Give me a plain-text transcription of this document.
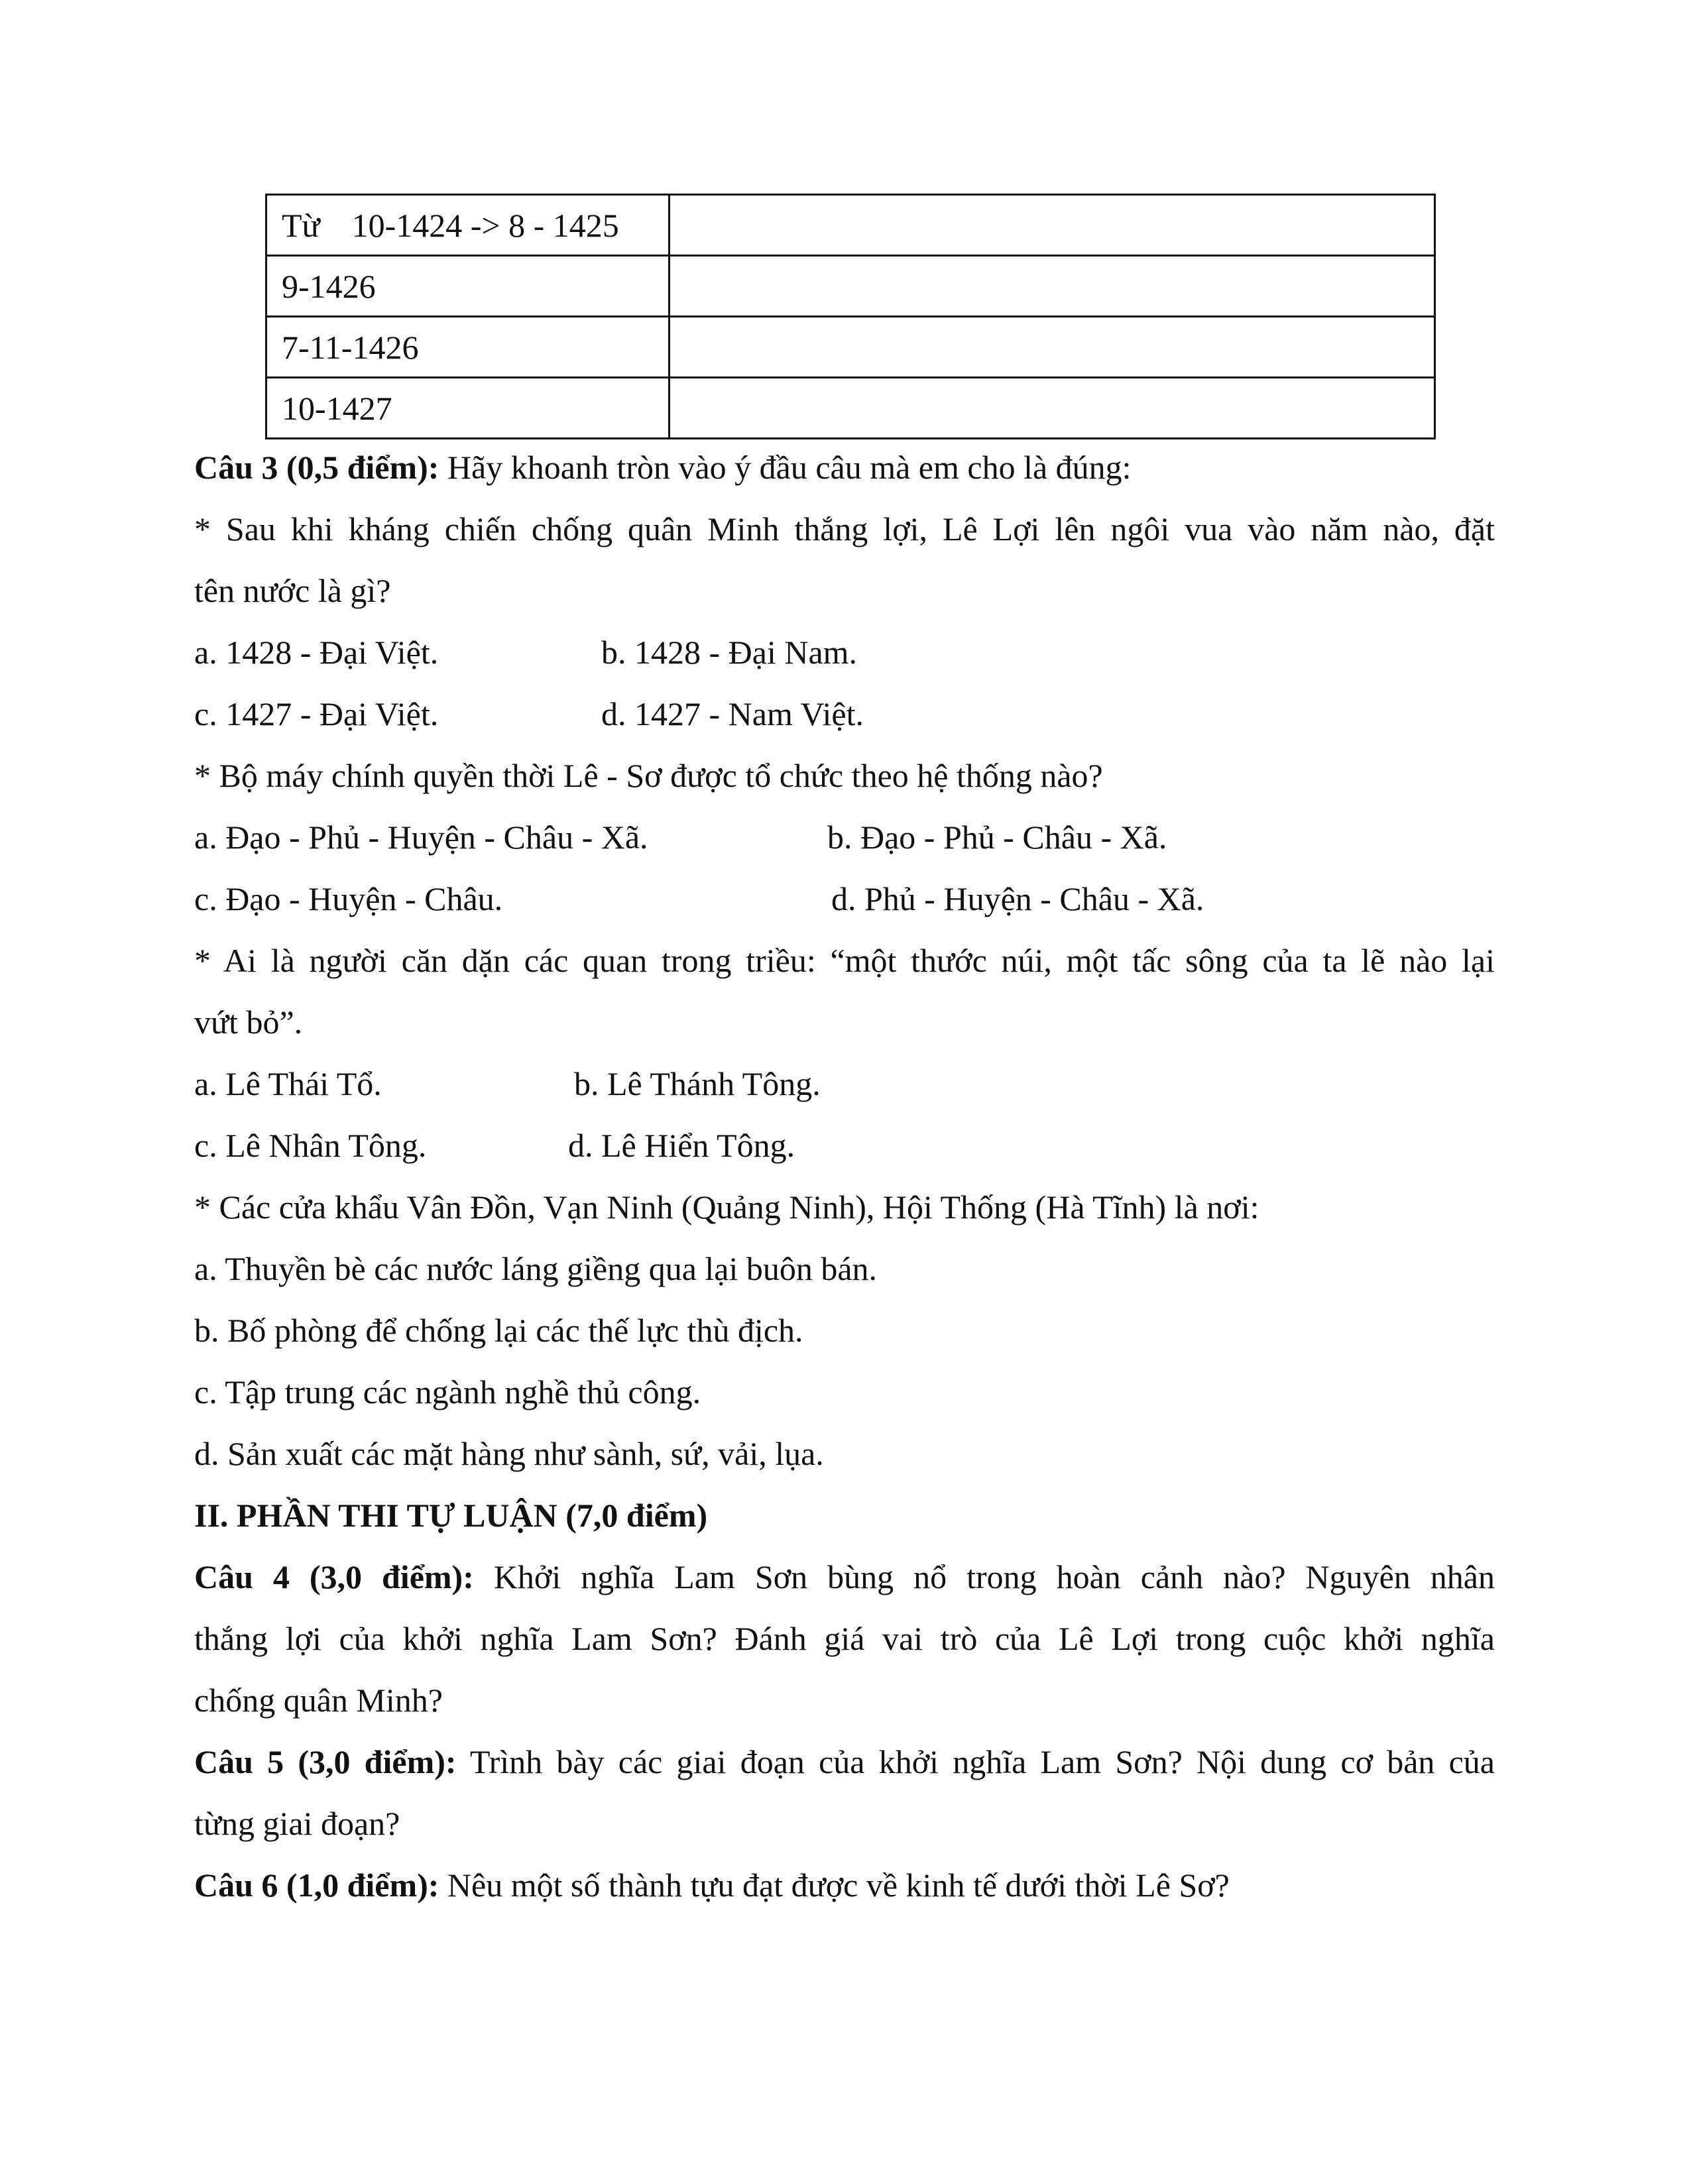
Từ 10-1424 -> 8 - 1425	
9-1426	
7-11-1426	
10-1427	
Câu 3 (0,5 điểm): Hãy khoanh tròn vào ý đầu câu mà em cho là đúng:
* Sau khi kháng chiến chống quân Minh thắng lợi, Lê Lợi lên ngôi vua vào năm nào, đặt
tên nước là gì?
a. 1428 - Đại Việt.	b. 1428 - Đại Nam.
c. 1427 - Đại Việt.	d. 1427 - Nam Việt.
* Bộ máy chính quyền thời Lê - Sơ được tổ chức theo hệ thống nào?
a. Đạo - Phủ - Huyện - Châu - Xã.	b. Đạo - Phủ - Châu - Xã.
c. Đạo - Huyện - Châu.	d. Phủ - Huyện - Châu - Xã.
* Ai là người căn dặn các quan trong triều: “một thước núi, một tấc sông của ta lẽ nào lại
vứt bỏ”.
a. Lê Thái Tổ.	b. Lê Thánh Tông.
c. Lê Nhân Tông.	d. Lê Hiển Tông.
* Các cửa khẩu Vân Đồn, Vạn Ninh (Quảng Ninh), Hội Thống (Hà Tĩnh) là nơi:
a. Thuyền bè các nước láng giềng qua lại buôn bán.
b. Bố phòng để chống lại các thế lực thù địch.
c. Tập trung các ngành nghề thủ công.
d. Sản xuất các mặt hàng như sành, sứ, vải, lụa.
II. PHẦN THI TỰ LUẬN (7,0 điểm)
Câu 4 (3,0 điểm): Khởi nghĩa Lam Sơn bùng nổ trong hoàn cảnh nào? Nguyên nhân
thắng lợi của khởi nghĩa Lam Sơn? Đánh giá vai trò của Lê Lợi trong cuộc khởi nghĩa
chống quân Minh?
Câu 5 (3,0 điểm): Trình bày các giai đoạn của khởi nghĩa Lam Sơn? Nội dung cơ bản của
từng giai đoạn?
Câu 6 (1,0 điểm): Nêu một số thành tựu đạt được về kinh tế dưới thời Lê Sơ?
